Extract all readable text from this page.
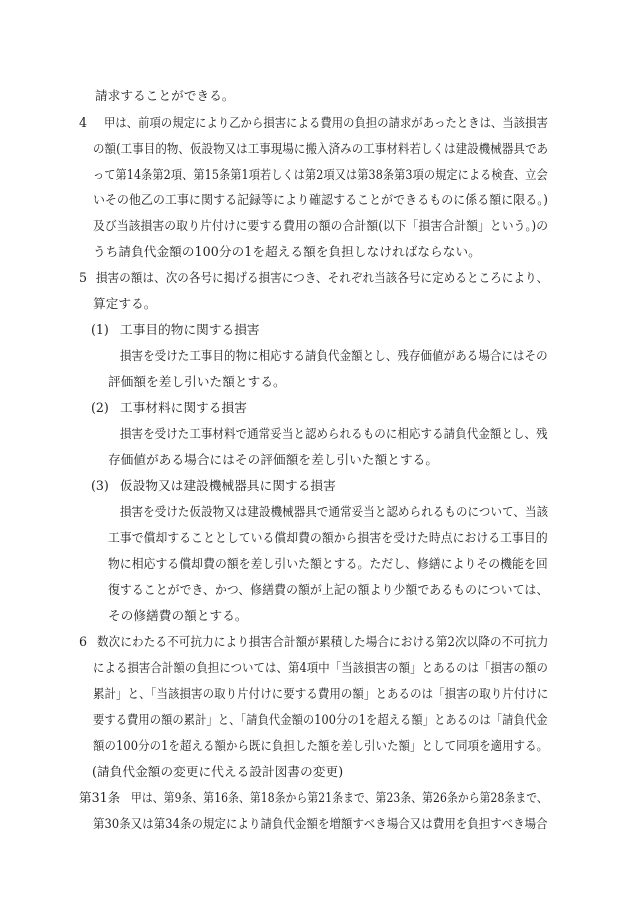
請求することができる。
4 甲は、前項の規定により乙から損害による費用の負担の請求があったときは、当該損害
の額(工事目的物、仮設物又は工事現場に搬入済みの工事材料若しくは建設機械器具であ
って第14条第2項、第15条第1項若しくは第2項又は第38条第3項の規定による検査、立会
いその他乙の工事に関する記録等により確認することができるものに係る額に限る。)
及び当該損害の取り片付けに要する費用の額の合計額(以下「損害合計額」という。)の
うち請負代金額の100分の1を超える額を負担しなければならない。
5 損害の額は、次の各号に掲げる損害につき、それぞれ当該各号に定めるところにより、
算定する。
(1) 工事目的物に関する損害
損害を受けた工事目的物に相応する請負代金額とし、残存価値がある場合にはその
評価額を差し引いた額とする。
(2) 工事材料に関する損害
損害を受けた工事材料で通常妥当と認められるものに相応する請負代金額とし、残
存価値がある場合にはその評価額を差し引いた額とする。
(3) 仮設物又は建設機械器具に関する損害
損害を受けた仮設物又は建設機械器具で通常妥当と認められるものについて、当該
工事で償却することとしている償却費の額から損害を受けた時点における工事目的
物に相応する償却費の額を差し引いた額とする。ただし、修繕によりその機能を回
復することができ、かつ、修繕費の額が上記の額より少額であるものについては、
その修繕費の額とする。
6 数次にわたる不可抗力により損害合計額が累積した場合における第2次以降の不可抗力
による損害合計額の負担については、第4項中「当該損害の額」とあるのは「損害の額の
累計」と、「当該損害の取り片付けに要する費用の額」とあるのは「損害の取り片付けに
要する費用の額の累計」と、「請負代金額の100分の1を超える額」とあるのは「請負代金
額の100分の1を超える額から既に負担した額を差し引いた額」として同項を適用する。
(請負代金額の変更に代える設計図書の変更)
第31条 甲は、第9条、第16条、第18条から第21条まで、第23条、第26条から第28条まで、
第30条又は第34条の規定により請負代金額を増額すべき場合又は費用を負担すべき場合
